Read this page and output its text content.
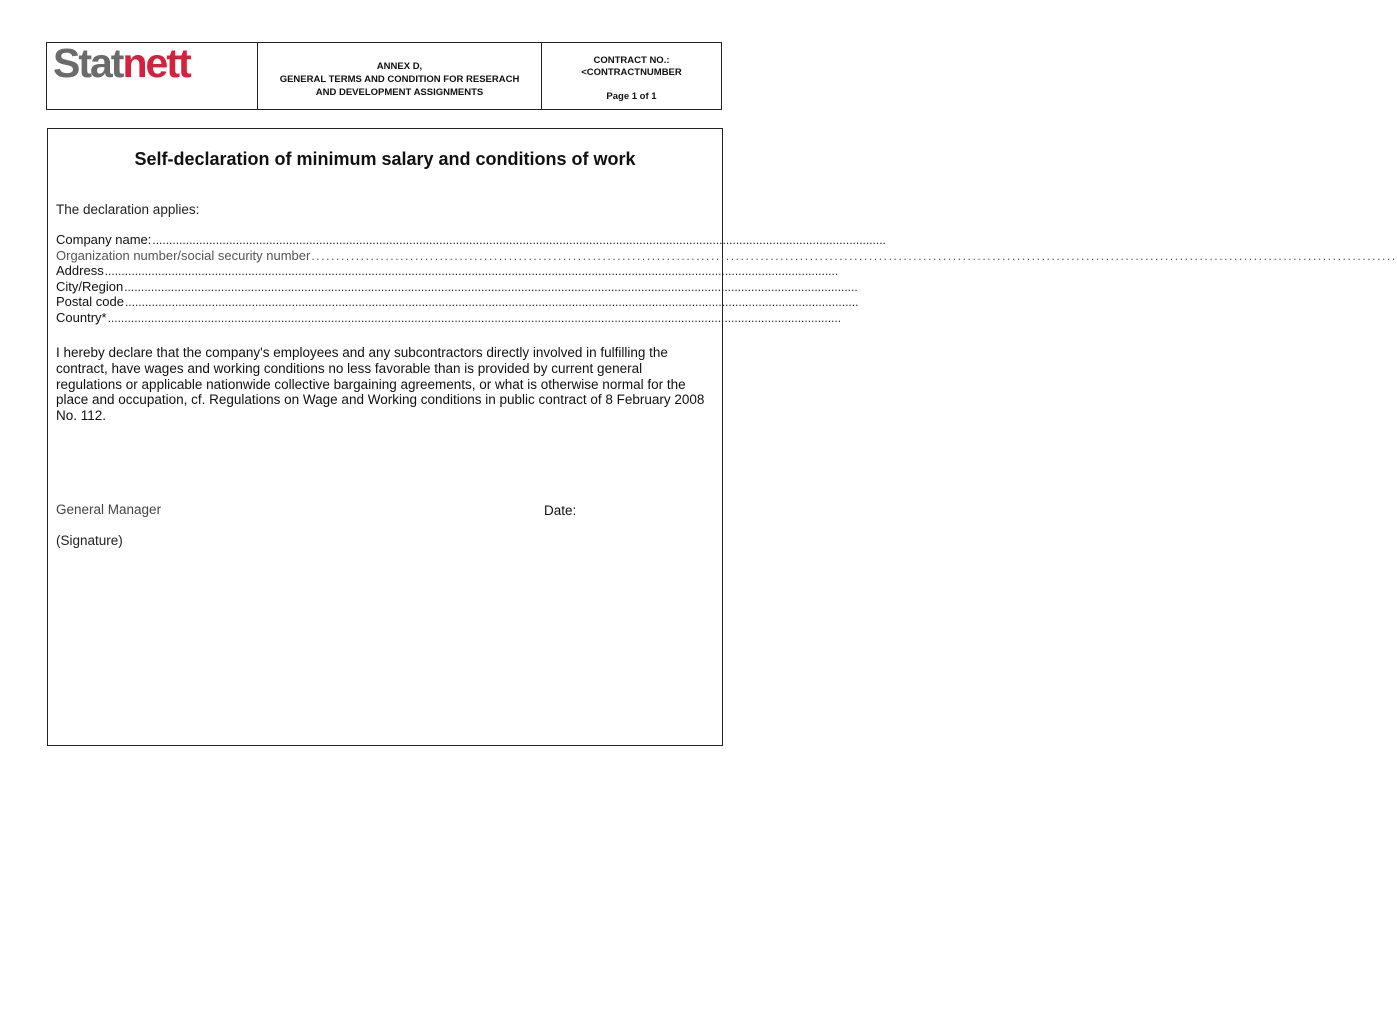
Statnett	ANNEX D,
GENERAL TERMS AND CONDITION FOR RESERACH
AND DEVELOPMENT ASSIGNMENTS
CONTRACT NO.:
<CONTRACTNUMBER
Page 1 of 1
Self-declaration of minimum salary and conditions of work
The declaration applies:
Company name: ............................................................................................................................................................................................................................
Organization number/social security number ............................................................................................................................................................................................................................
Address ............................................................................................................................................................................................................................
City/Region ............................................................................................................................................................................................................................
Postal code ............................................................................................................................................................................................................................
Country* ............................................................................................................................................................................................................................
I hereby declare that the company's employees and any subcontractors directly involved in fulfilling the contract, have wages and working conditions no less favorable than is provided by current general regulations or applicable nationwide collective bargaining agreements, or what is otherwise normal for the place and occupation, cf. Regulations on Wage and Working conditions in public contract of 8 February 2008 No. 112.
General Manager	Date:
(Signature)
